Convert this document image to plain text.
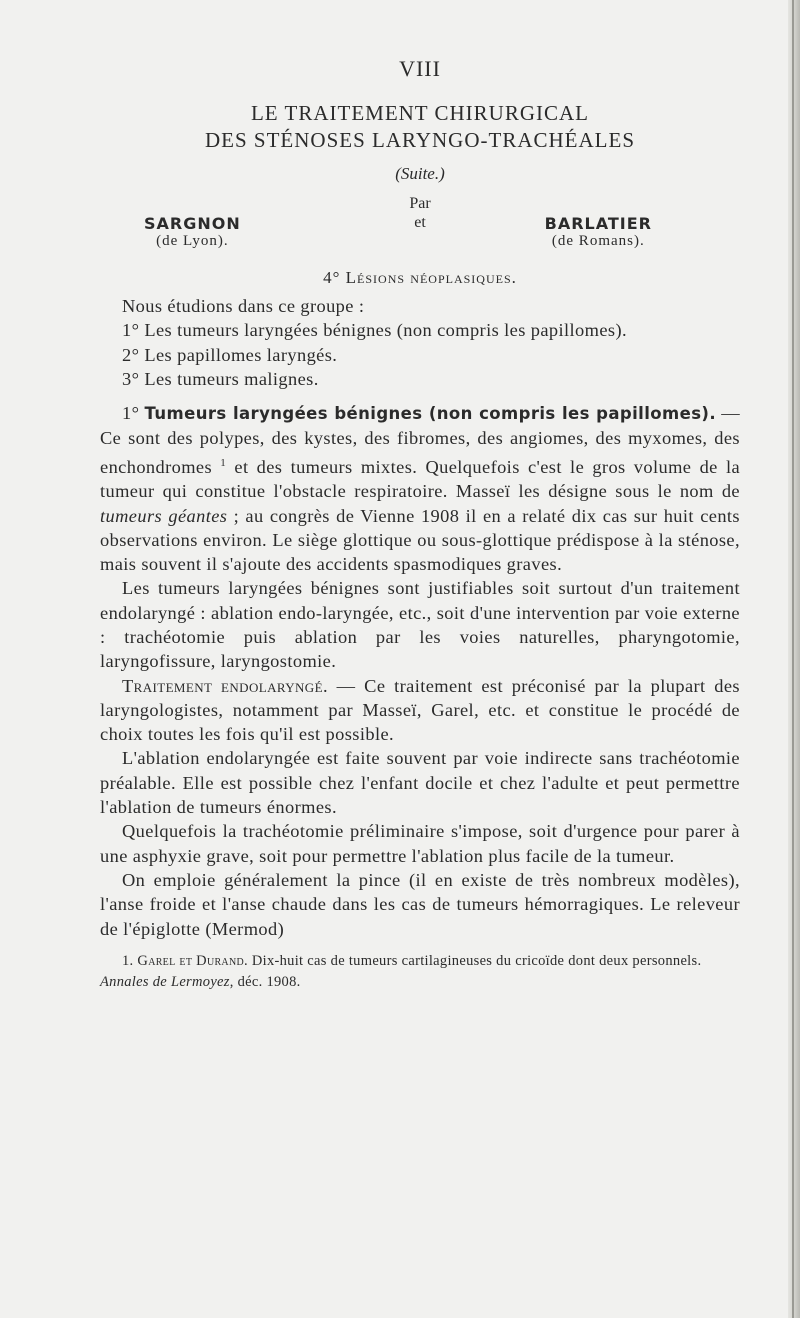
VIII
LE TRAITEMENT CHIRURGICAL
DES STÉNOSES LARYNGO-TRACHÉALES
(Suite.)
Par
et
SARGNON
(de Lyon).
BARLATIER
(de Romans).
4° Lésions néoplasiques.

Nous étudions dans ce groupe :

1° Les tumeurs laryngées bénignes (non compris les papillomes).

2° Les papillomes laryngés.

3° Les tumeurs malignes.

1° Tumeurs laryngées bénignes (non compris les papillomes). — Ce sont des polypes, des kystes, des fibromes, des angiomes, des myxomes, des enchondromes $^1$ et des tumeurs mixtes. Quelquefois c'est le gros volume de la tumeur qui constitue l'obstacle respiratoire. Masseï les désigne sous le nom de tumeurs géantes ; au congrès de Vienne 1908 il en a relaté dix cas sur huit cents observations environ. Le siège glottique ou sous-glottique prédispose à la sténose, mais souvent il s'ajoute des accidents spasmodiques graves.

Les tumeurs laryngées bénignes sont justifiables soit surtout d'un traitement endolaryngé : ablation endo-laryngée, etc., soit d'une intervention par voie externe : trachéotomie puis ablation par les voies naturelles, pharyngotomie, laryngofissure, laryngostomie.

Traitement endolaryngé. — Ce traitement est préconisé par la plupart des laryngologistes, notamment par Masseï, Garel, etc. et constitue le procédé de choix toutes les fois qu'il est possible.

L'ablation endolaryngée est faite souvent par voie indirecte sans trachéotomie préalable. Elle est possible chez l'enfant docile et chez l'adulte et peut permettre l'ablation de tumeurs énormes.

Quelquefois la trachéotomie préliminaire s'impose, soit d'urgence pour parer à une asphyxie grave, soit pour permettre l'ablation plus facile de la tumeur.

On emploie généralement la pince (il en existe de très nombreux modèles), l'anse froide et l'anse chaude dans les cas de tumeurs hémorragiques. Le releveur de l'épiglotte (Mermod)

1. Garel et Durand. Dix-huit cas de tumeurs cartilagineuses du cricoïde dont deux personnels. Annales de Lermoyez, déc. 1908.
